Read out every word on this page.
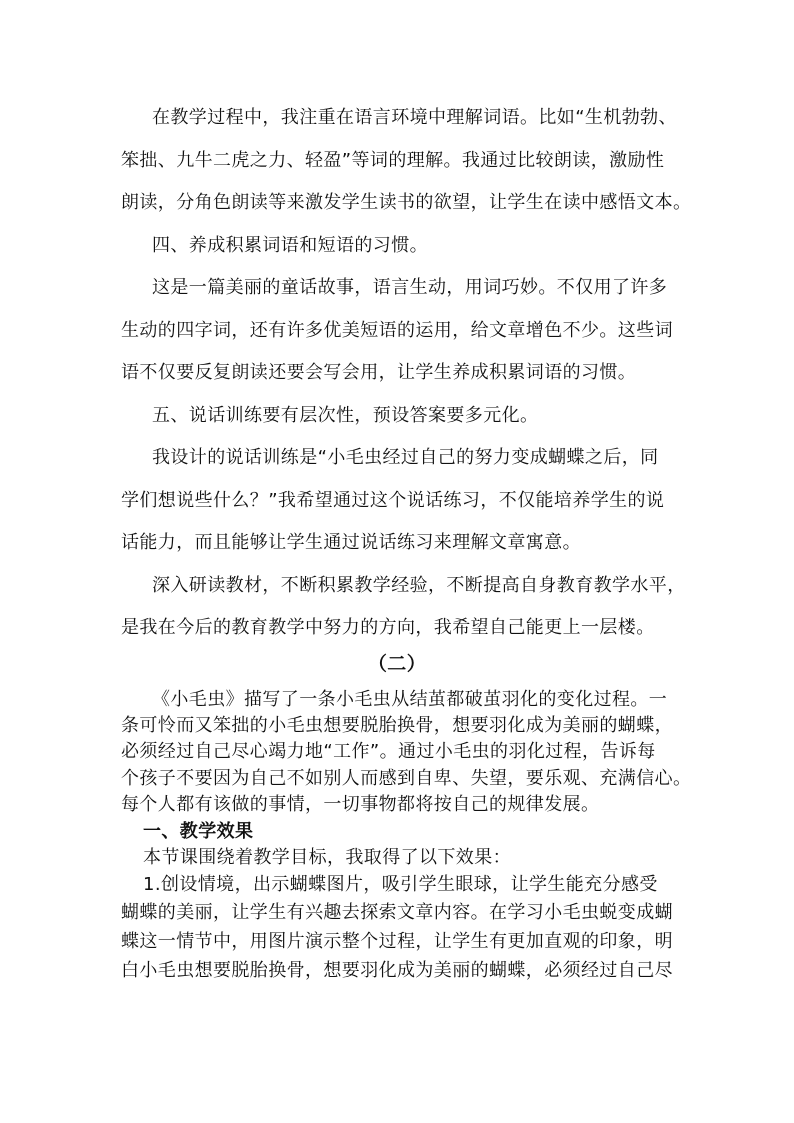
在教学过程中，我注重在语言环境中理解词语。比如“生机勃勃、
笨拙、九牛二虎之力、轻盈”等词的理解。我通过比较朗读，激励性
朗读，分角色朗读等来激发学生读书的欲望，让学生在读中感悟文本。
四、养成积累词语和短语的习惯。
这是一篇美丽的童话故事，语言生动，用词巧妙。不仅用了许多
生动的四字词，还有许多优美短语的运用，给文章增色不少。这些词
语不仅要反复朗读还要会写会用，让学生养成积累词语的习惯。
五、说话训练要有层次性，预设答案要多元化。
我设计的说话训练是“小毛虫经过自己的努力变成蝴蝶之后，同
学们想说些什么？”我希望通过这个说话练习，不仅能培养学生的说
话能力，而且能够让学生通过说话练习来理解文章寓意。
深入研读教材，不断积累教学经验，不断提高自身教育教学水平，
是我在今后的教育教学中努力的方向，我希望自己能更上一层楼。
（二）
《小毛虫》描写了一条小毛虫从结茧都破茧羽化的变化过程。一
条可怜而又笨拙的小毛虫想要脱胎换骨，想要羽化成为美丽的蝴蝶，
必须经过自己尽心竭力地“工作”。通过小毛虫的羽化过程，告诉每
个孩子不要因为自己不如别人而感到自卑、失望，要乐观、充满信心。
每个人都有该做的事情，一切事物都将按自己的规律发展。
一、教学效果
本节课围绕着教学目标，我取得了以下效果：
1.创设情境，出示蝴蝶图片，吸引学生眼球，让学生能充分感受
蝴蝶的美丽，让学生有兴趣去探索文章内容。在学习小毛虫蜕变成蝴
蝶这一情节中，用图片演示整个过程，让学生有更加直观的印象，明
白小毛虫想要脱胎换骨，想要羽化成为美丽的蝴蝶，必须经过自己尽
